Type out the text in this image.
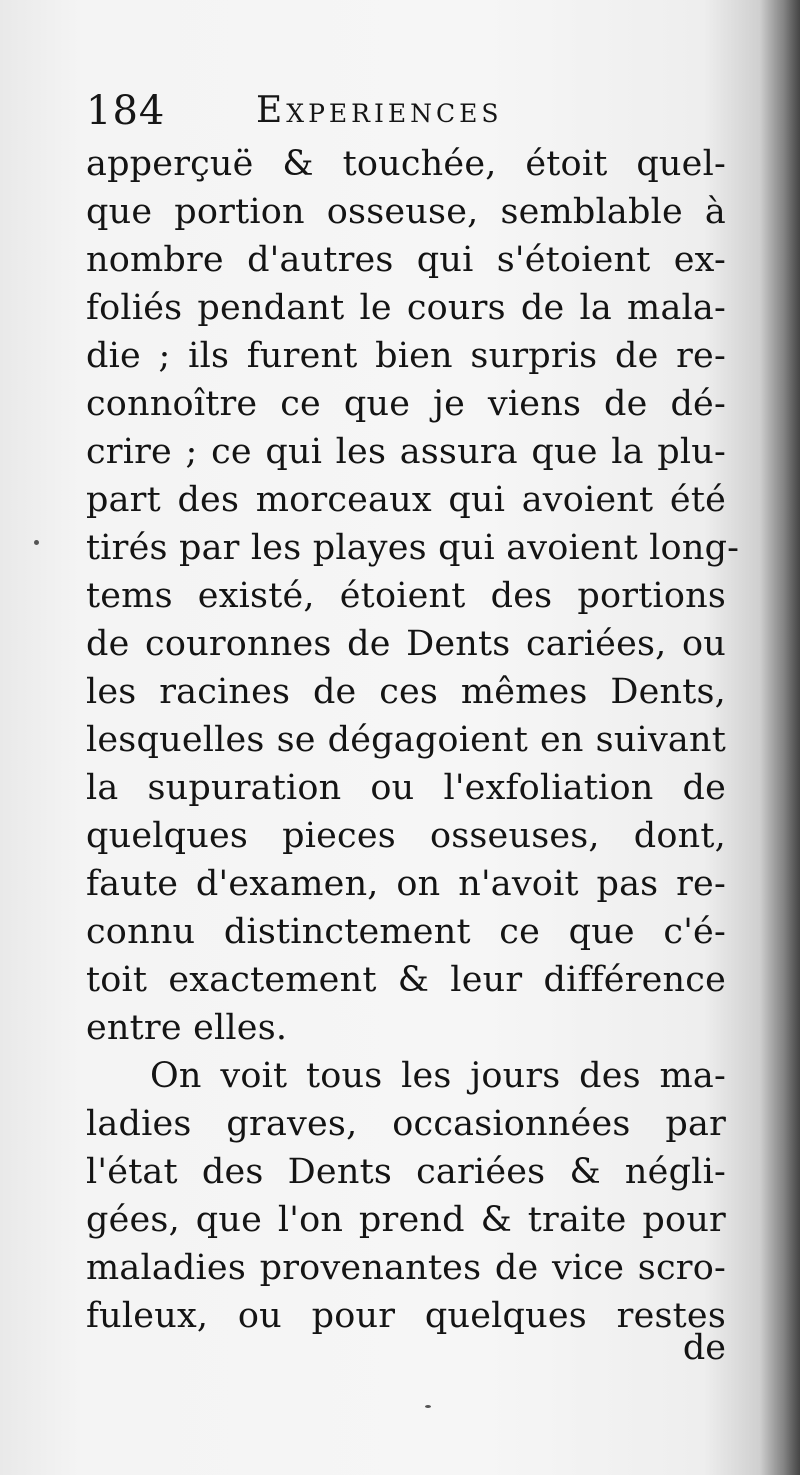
184	Experiences
apperçuë & touchée, étoit quel-
que portion osseuse, semblable à
nombre d'autres qui s'étoient ex-
foliés pendant le cours de la mala-
die ; ils furent bien surpris de re-
connoître ce que je viens de dé-
crire ; ce qui les assura que la plu-
part des morceaux qui avoient été
tirés par les playes qui avoient long-
tems existé, étoient des portions
de couronnes de Dents cariées, ou
les racines de ces mêmes Dents,
lesquelles se dégagoient en suivant
la supuration ou l'exfoliation de
quelques pieces osseuses, dont,
faute d'examen, on n'avoit pas re-
connu distinctement ce que c'é-
toit exactement & leur différence
entre elles.
On voit tous les jours des ma-
ladies graves, occasionnées par
l'état des Dents cariées & négli-
gées, que l'on prend & traite pour
maladies provenantes de vice scro-
fuleux, ou pour quelques restes
de
